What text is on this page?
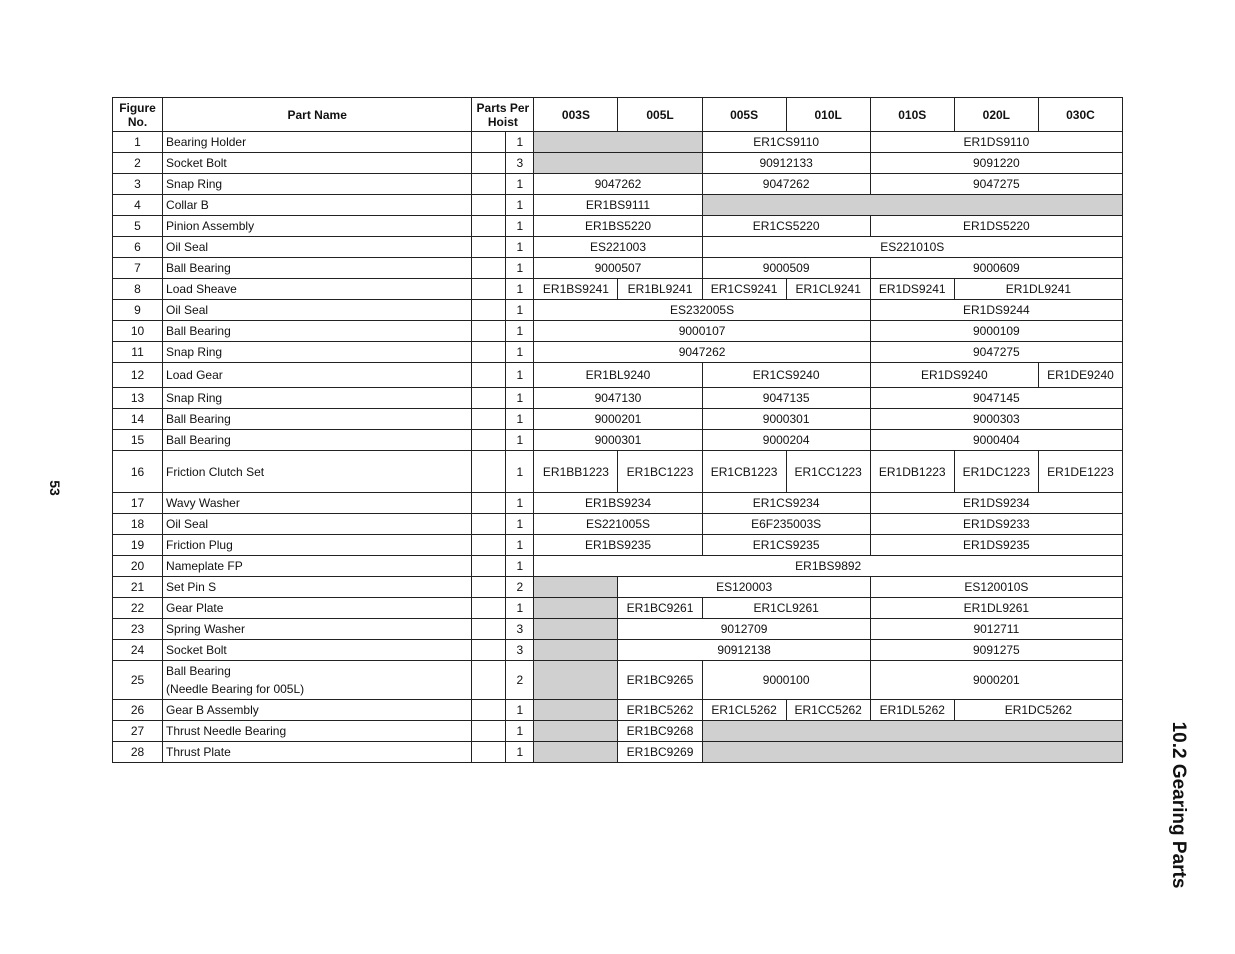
53
10.2 Gearing Parts
Figure
No.	Part Name	Parts Per
Hoist		003S	005L	005S	010L	010S	020L	030C
1	Bearing Holder		1			ER1CS9110		ER1DS9110		
2	Socket Bolt		3			90912133		9091220		
3	Snap Ring		1	9047262		9047262		9047275		
4	Collar B		1	ER1BS9111						
5	Pinion Assembly		1	ER1BS5220		ER1CS5220		ER1DS5220		
6	Oil Seal		1	ES221003		ES221010S				
7	Ball Bearing		1	9000507		9000509		9000609		
8	Load Sheave		1	ER1BS9241	ER1BL9241	ER1CS9241	ER1CL9241	ER1DS9241	ER1DL9241	
9	Oil Seal		1	ES232005S				ER1DS9244		
10	Ball Bearing		1	9000107				9000109		
11	Snap Ring		1	9047262				9047275		
12	Load Gear		1	ER1BL9240		ER1CS9240		ER1DS9240		ER1DE9240
13	Snap Ring		1	9047130		9047135		9047145		
14	Ball Bearing		1	9000201		9000301		9000303		
15	Ball Bearing		1	9000301		9000204		9000404		
16	Friction Clutch Set		1	ER1BB1223	ER1BC1223	ER1CB1223	ER1CC1223	ER1DB1223	ER1DC1223	ER1DE1223
17	Wavy Washer		1	ER1BS9234		ER1CS9234		ER1DS9234		
18	Oil Seal		1	ES221005S		E6F235003S		ER1DS9233		
19	Friction Plug		1	ER1BS9235		ER1CS9235		ER1DS9235		
20	Nameplate FP		1	ER1BS9892						
21	Set Pin S		2		ES120003			ES120010S		
22	Gear Plate		1		ER1BC9261	ER1CL9261		ER1DL9261		
23	Spring Washer		3		9012709			9012711		
24	Socket Bolt		3		90912138			9091275		
25	Ball Bearing
(Needle Bearing for 005L)		2		ER1BC9265	9000100		9000201		
26	Gear B Assembly		1		ER1BC5262	ER1CL5262	ER1CC5262	ER1DL5262	ER1DC5262	
27	Thrust Needle Bearing		1		ER1BC9268					
28	Thrust Plate		1		ER1BC9269					
